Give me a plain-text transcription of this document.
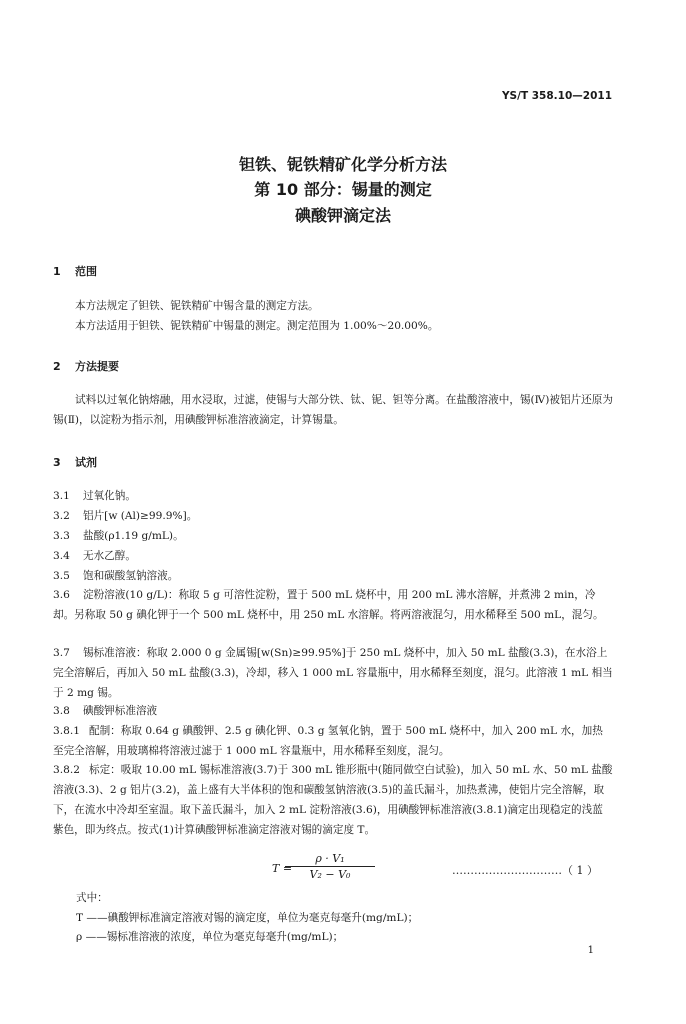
YS/T 358.10—2011
钽铁、铌铁精矿化学分析方法
第 10 部分：锡量的测定
碘酸钾滴定法
1 范围
本方法规定了钽铁、铌铁精矿中锡含量的测定方法。
本方法适用于钽铁、铌铁精矿中锡量的测定。测定范围为 1.00%～20.00%。
2 方法提要
试料以过氧化钠熔融，用水浸取，过滤，使锡与大部分铁、钛、铌、钽等分离。在盐酸溶液中，锡(Ⅳ)被铝片还原为锡(Ⅱ)，以淀粉为指示剂，用碘酸钾标准溶液滴定，计算锡量。
3 试剂
3.1 过氧化钠。
3.2 铝片[w (Al)≥99.9%]。
3.3 盐酸(ρ1.19 g/mL)。
3.4 无水乙醇。
3.5 饱和碳酸氢钠溶液。
3.6 淀粉溶液(10 g/L)：称取 5 g 可溶性淀粉，置于 500 mL 烧杯中，用 200 mL 沸水溶解，并煮沸 2 min，冷却。另称取 50 g 碘化钾于一个 500 mL 烧杯中，用 250 mL 水溶解。将两溶液混匀，用水稀释至 500 mL，混匀。
3.7 锡标准溶液：称取 2.000 0 g 金属锡[w(Sn)≥99.95%]于 250 mL 烧杯中，加入 50 mL 盐酸(3.3)，在水浴上完全溶解后，再加入 50 mL 盐酸(3.3)，冷却，移入 1 000 mL 容量瓶中，用水稀释至刻度，混匀。此溶液 1 mL 相当于 2 mg 锡。
3.8 碘酸钾标准溶液
3.8.1 配制：称取 0.64 g 碘酸钾、2.5 g 碘化钾、0.3 g 氢氧化钠，置于 500 mL 烧杯中，加入 200 mL 水，加热至完全溶解，用玻璃棉将溶液过滤于 1 000 mL 容量瓶中，用水稀释至刻度，混匀。
3.8.2 标定：吸取 10.00 mL 锡标准溶液(3.7)于 300 mL 锥形瓶中(随同做空白试验)，加入 50 mL 水、50 mL 盐酸溶液(3.3)、2 g 铝片(3.2)，盖上盛有大半体积的饱和碳酸氢钠溶液(3.5)的盖氏漏斗，加热煮沸，使铝片完全溶解，取下，在流水中冷却至室温。取下盖氏漏斗，加入 2 mL 淀粉溶液(3.6)，用碘酸钾标准溶液(3.8.1)滴定出现稳定的浅蓝紫色，即为终点。按式(1)计算碘酸钾标准滴定溶液对锡的滴定度 T。
T =
$\frac{\text{ρ · V₁}}{\text{V₂ − V₀}}$	…………………………（ 1 ）
式中：
T ——碘酸钾标准滴定溶液对锡的滴定度，单位为毫克每毫升(mg/mL)；
ρ ——锡标准溶液的浓度，单位为毫克每毫升(mg/mL)；
1
